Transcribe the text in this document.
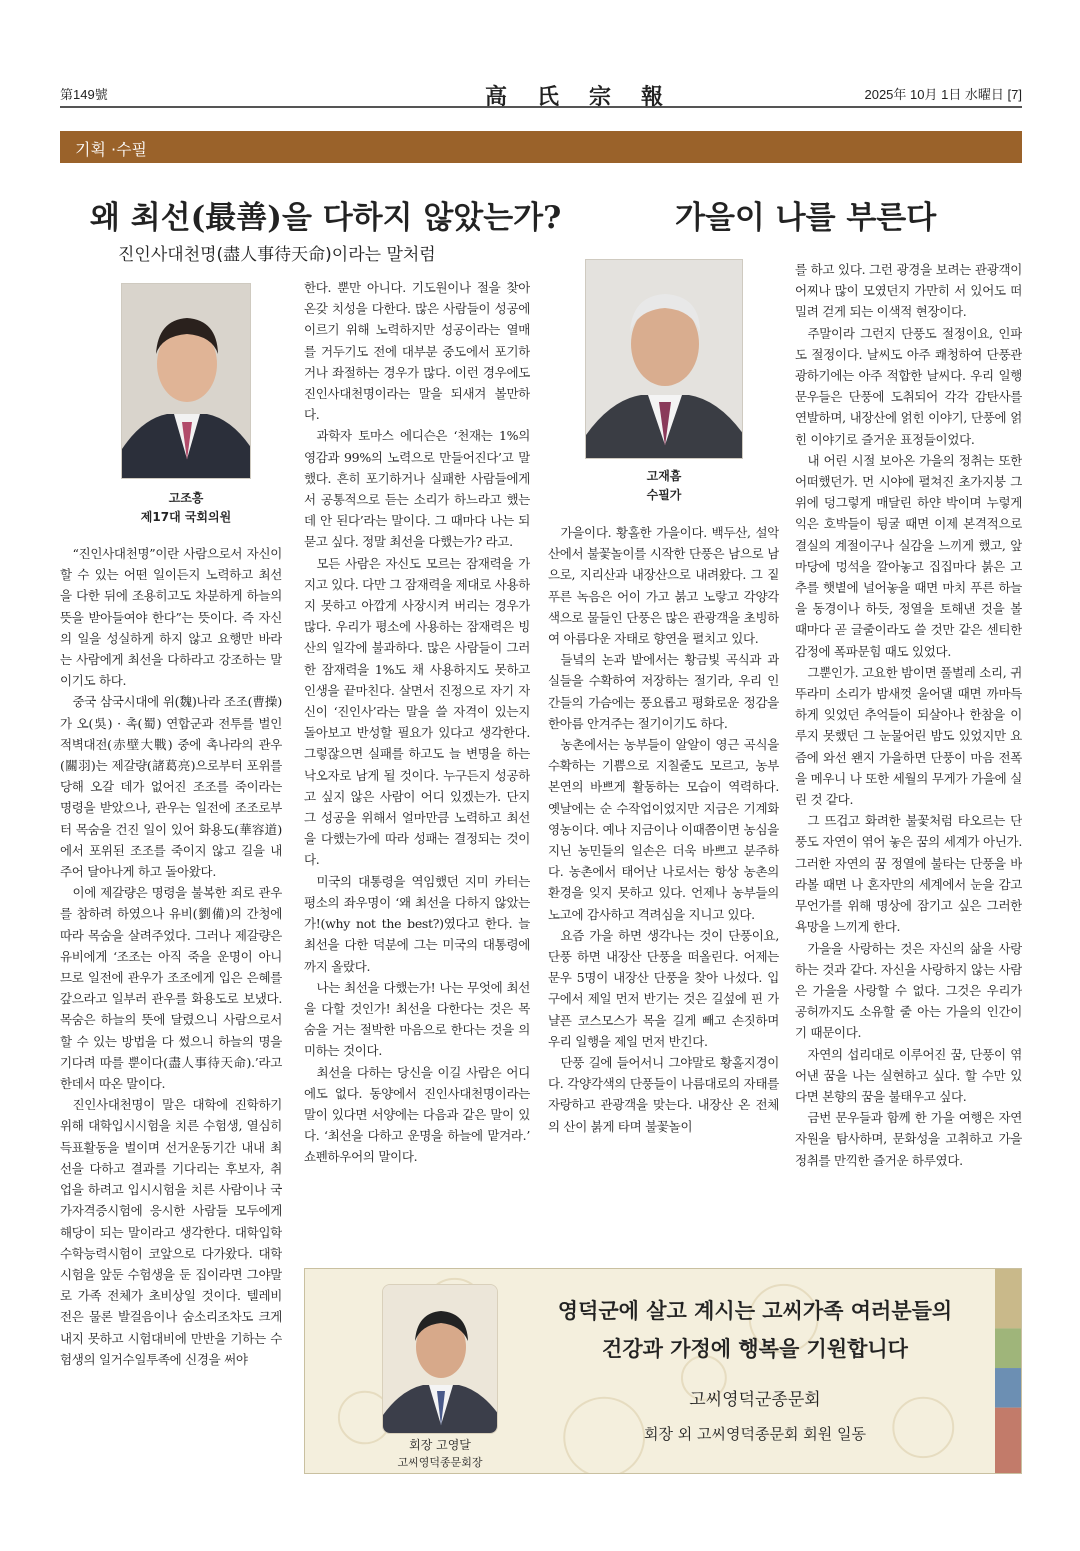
第149號	高氏宗報	2025年 10月 1日 水曜日 [7]
기획 ·수필
왜 최선(最善)을 다하지 않았는가?
진인사대천명(盡人事待天命)이라는 말처럼
고조흥
제17대 국회의원

“진인사대천명”이란 사람으로서 자신이 할 수 있는 어떤 일이든지 노력하고 최선을 다한 뒤에 조용히고도 차분하게 하늘의 뜻을 받아들여야 한다”는 뜻이다. 즉 자신의 일을 성실하게 하지 않고 요행만 바라는 사람에게 최선을 다하라고 강조하는 말이기도 하다.

중국 삼국시대에 위(魏)나라 조조(曹操)가 오(吳) · 촉(蜀) 연합군과 전투를 벌인 적벽대전(赤壁大戰) 중에 촉나라의 관우(關羽)는 제갈량(諸葛亮)으로부터 포위를 당해 오갈 데가 없어진 조조를 죽이라는 명령을 받았으나, 관우는 일전에 조조로부터 목숨을 건진 일이 있어 화용도(華容道)에서 포위된 조조를 죽이지 않고 길을 내주어 달아나게 하고 돌아왔다.

이에 제갈량은 명령을 불복한 죄로 관우를 참하려 하였으나 유비(劉備)의 간청에 따라 목숨을 살려주었다. 그러나 제갈량은 유비에게 ‘조조는 아직 죽을 운명이 아니므로 일전에 관우가 조조에게 입은 은혜를 갚으라고 일부러 관우를 화용도로 보냈다. 목숨은 하늘의 뜻에 달렸으니 사람으로서 할 수 있는 방법을 다 썼으니 하늘의 명을 기다려 따를 뿐이다(盡人事待天命).’라고 한데서 따온 말이다.

진인사대천명이 말은 대학에 진학하기 위해 대학입시시험을 치른 수험생, 열심히 득표활동을 벌이며 선거운동기간 내내 최선을 다하고 결과를 기다리는 후보자, 취업을 하려고 입시시험을 치른 사람이나 국가자격증시험에 응시한 사람들 모두에게 해당이 되는 말이라고 생각한다. 대학입학수학능력시험이 코앞으로 다가왔다. 대학시험을 앞둔 수험생을 둔 집이라면 그야말로 가족 전체가 초비상일 것이다. 텔레비전은 물론 발걸음이나 숨소리조차도 크게 내지 못하고 시험대비에 만반을 기하는 수험생의 일거수일투족에 신경을 써야

한다. 뿐만 아니다. 기도원이나 절을 찾아 온갖 치성을 다한다. 많은 사람들이 성공에 이르기 위해 노력하지만 성공이라는 열매를 거두기도 전에 대부분 중도에서 포기하거나 좌절하는 경우가 많다. 이런 경우에도 진인사대천명이라는 말을 되새겨 볼만하다.

과학자 토마스 에디슨은 ‘천재는 1%의 영감과 99%의 노력으로 만들어진다’고 말했다. 흔히 포기하거나 실패한 사람들에게서 공통적으로 듣는 소리가 하느라고 했는데 안 된다’라는 말이다. 그 때마다 나는 되묻고 싶다. 정말 최선을 다했는가? 라고.

모든 사람은 자신도 모르는 잠재력을 가지고 있다. 다만 그 잠재력을 제대로 사용하지 못하고 아깝게 사장시켜 버리는 경우가 많다. 우리가 평소에 사용하는 잠재력은 빙산의 일각에 불과하다. 많은 사람들이 그러한 잠재력을 1%도 채 사용하지도 못하고 인생을 끝마친다. 살면서 진정으로 자기 자신이 ‘진인사’라는 말을 쓸 자격이 있는지 돌아보고 반성할 필요가 있다고 생각한다. 그렇잖으면 실패를 하고도 늘 변명을 하는 낙오자로 남게 될 것이다. 누구든지 성공하고 싶지 않은 사람이 어디 있겠는가. 단지 그 성공을 위해서 얼마만큼 노력하고 최선을 다했는가에 따라 성패는 결정되는 것이다.

미국의 대통령을 역임했던 지미 카터는 평소의 좌우명이 ‘왜 최선을 다하지 않았는가!(why not the best?)였다고 한다. 늘 최선을 다한 덕분에 그는 미국의 대통령에까지 올랐다.

나는 최선을 다했는가! 나는 무엇에 최선을 다할 것인가! 최선을 다한다는 것은 목숨을 거는 절박한 마음으로 한다는 것을 의미하는 것이다.

최선을 다하는 당신을 이길 사람은 어디에도 없다. 동양에서 진인사대천명이라는 말이 있다면 서양에는 다음과 같은 말이 있다. ‘최선을 다하고 운명을 하늘에 맡겨라.’ 쇼펜하우어의 말이다.

가을이 나를 부른다
고재흠
수필가

가을이다. 황홀한 가을이다. 백두산, 설악산에서 불꽃놀이를 시작한 단풍은 남으로 남으로, 지리산과 내장산으로 내려왔다. 그 짙푸른 녹음은 어이 가고 붉고 노랗고 각양각색으로 물들인 단풍은 많은 관광객을 초빙하여 아름다운 자태로 향연을 펼치고 있다.

들녘의 논과 밭에서는 황금빛 곡식과 과실들을 수확하여 저장하는 절기라, 우리 인간들의 가슴에는 풍요롭고 평화로운 정감을 한아름 안겨주는 절기이기도 하다.

농촌에서는 농부들이 알알이 영근 곡식을 수확하는 기쁨으로 지칠줄도 모르고, 농부 본연의 바쁘게 활동하는 모습이 역력하다. 옛날에는 순 수작업이었지만 지금은 기계화 영농이다. 예나 지금이나 이때쯤이면 농심을 지닌 농민들의 일손은 더욱 바쁘고 분주하다. 농촌에서 태어난 나로서는 항상 농촌의 환경을 잊지 못하고 있다. 언제나 농부들의 노고에 감사하고 격려심을 지니고 있다.

요즘 가을 하면 생각나는 것이 단풍이요, 단풍 하면 내장산 단풍을 떠올린다. 어제는 문우 5명이 내장산 단풍을 찾아 나섰다. 입구에서 제일 먼저 반기는 것은 길섶에 핀 가냘픈 코스모스가 목을 길게 빼고 손짓하며 우리 일행을 제일 먼저 반긴다.

단풍 길에 들어서니 그야말로 황홀지경이다. 각양각색의 단풍들이 나름대로의 자태를 자랑하고 관광객을 맞는다. 내장산 온 전체의 산이 붉게 타며 불꽃놀이

를 하고 있다. 그런 광경을 보려는 관광객이 어찌나 많이 모였던지 가만히 서 있어도 떠밀려 걷게 되는 이색적 현장이다.

주말이라 그런지 단풍도 절정이요, 인파도 절정이다. 날씨도 아주 쾌청하여 단풍관광하기에는 아주 적합한 날씨다. 우리 일행 문우들은 단풍에 도취되어 각각 감탄사를 연발하며, 내장산에 얽힌 이야기, 단풍에 얽힌 이야기로 즐거운 표정들이었다.

내 어린 시절 보아온 가을의 정취는 또한 어떠했던가. 먼 시야에 펼쳐진 초가지붕 그 위에 덩그렇게 매달린 하얀 박이며 누렇게 익은 호박들이 뒹굴 때면 이제 본격적으로 결실의 계절이구나 실감을 느끼게 했고, 앞마당에 멍석을 깔아놓고 집집마다 붉은 고추를 햇볕에 널어놓을 때면 마치 푸른 하늘을 동경이나 하듯, 정열을 토해낸 것을 볼 때마다 곧 글줄이라도 쓸 것만 같은 센티한 감정에 폭파문힘 때도 있었다.

그뿐인가. 고요한 밤이면 풀벌레 소리, 귀뚜라미 소리가 밤새껏 울어댈 때면 까마득하게 잊었던 추억들이 되살아나 한참을 이루지 못했던 그 눈물어린 밤도 있었지만 요즘에 와선 왠지 가을하면 단풍이 마음 전폭을 메우니 나 또한 세월의 무게가 가을에 실린 것 같다.

그 뜨겁고 화려한 불꽃처럼 타오르는 단풍도 자연이 엮어 놓은 꿈의 세계가 아닌가. 그러한 자연의 꿈 정열에 불타는 단풍을 바라볼 때면 나 혼자만의 세계에서 눈을 감고 무언가를 위해 명상에 잠기고 싶은 그러한 욕망을 느끼게 한다.

가을을 사랑하는 것은 자신의 삶을 사랑하는 것과 같다. 자신을 사랑하지 않는 사람은 가을을 사랑할 수 없다. 그것은 우리가 공허까지도 소유할 줄 아는 가을의 인간이기 때문이다.

자연의 섭리대로 이루어진 꿈, 단풍이 엮어낸 꿈을 나는 실현하고 싶다. 할 수만 있다면 본향의 꿈을 불태우고 싶다.

금번 문우들과 함께 한 가을 여행은 자연자원을 탐사하며, 문화성을 고취하고 가을 정취를 만끽한 즐거운 하루였다.

회장 고영달
고씨영덕종문회장
영덕군에 살고 계시는 고씨가족 여러분들의
건강과 가정에 행복을 기원합니다
고씨영덕군종문회
회장 외 고씨영덕종문회 회원 일동
